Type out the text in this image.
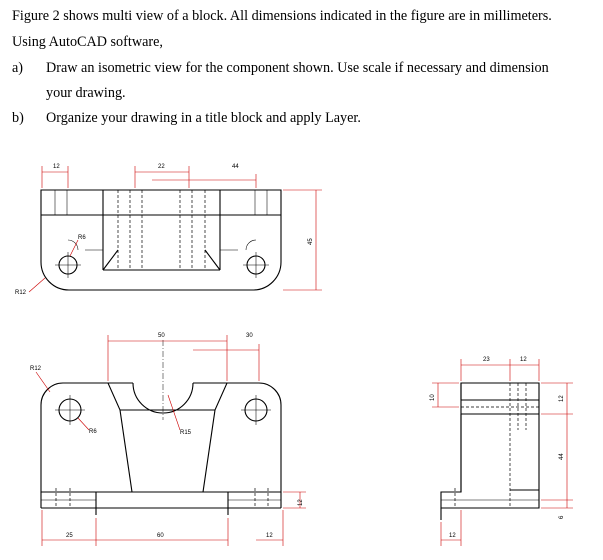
Figure 2 shows multi view of a block. All dimensions indicated in the figure are in millimeters.
Using AutoCAD software,
a) Draw an isometric view for the component shown. Use scale if necessary and dimension
your drawing.
b) Organize your drawing in a title block and apply Layer.
12	22	44
45
R6
R12
50	30
R12
R6	R15
25	60	12
12
23	12
10	12
44
6
12
